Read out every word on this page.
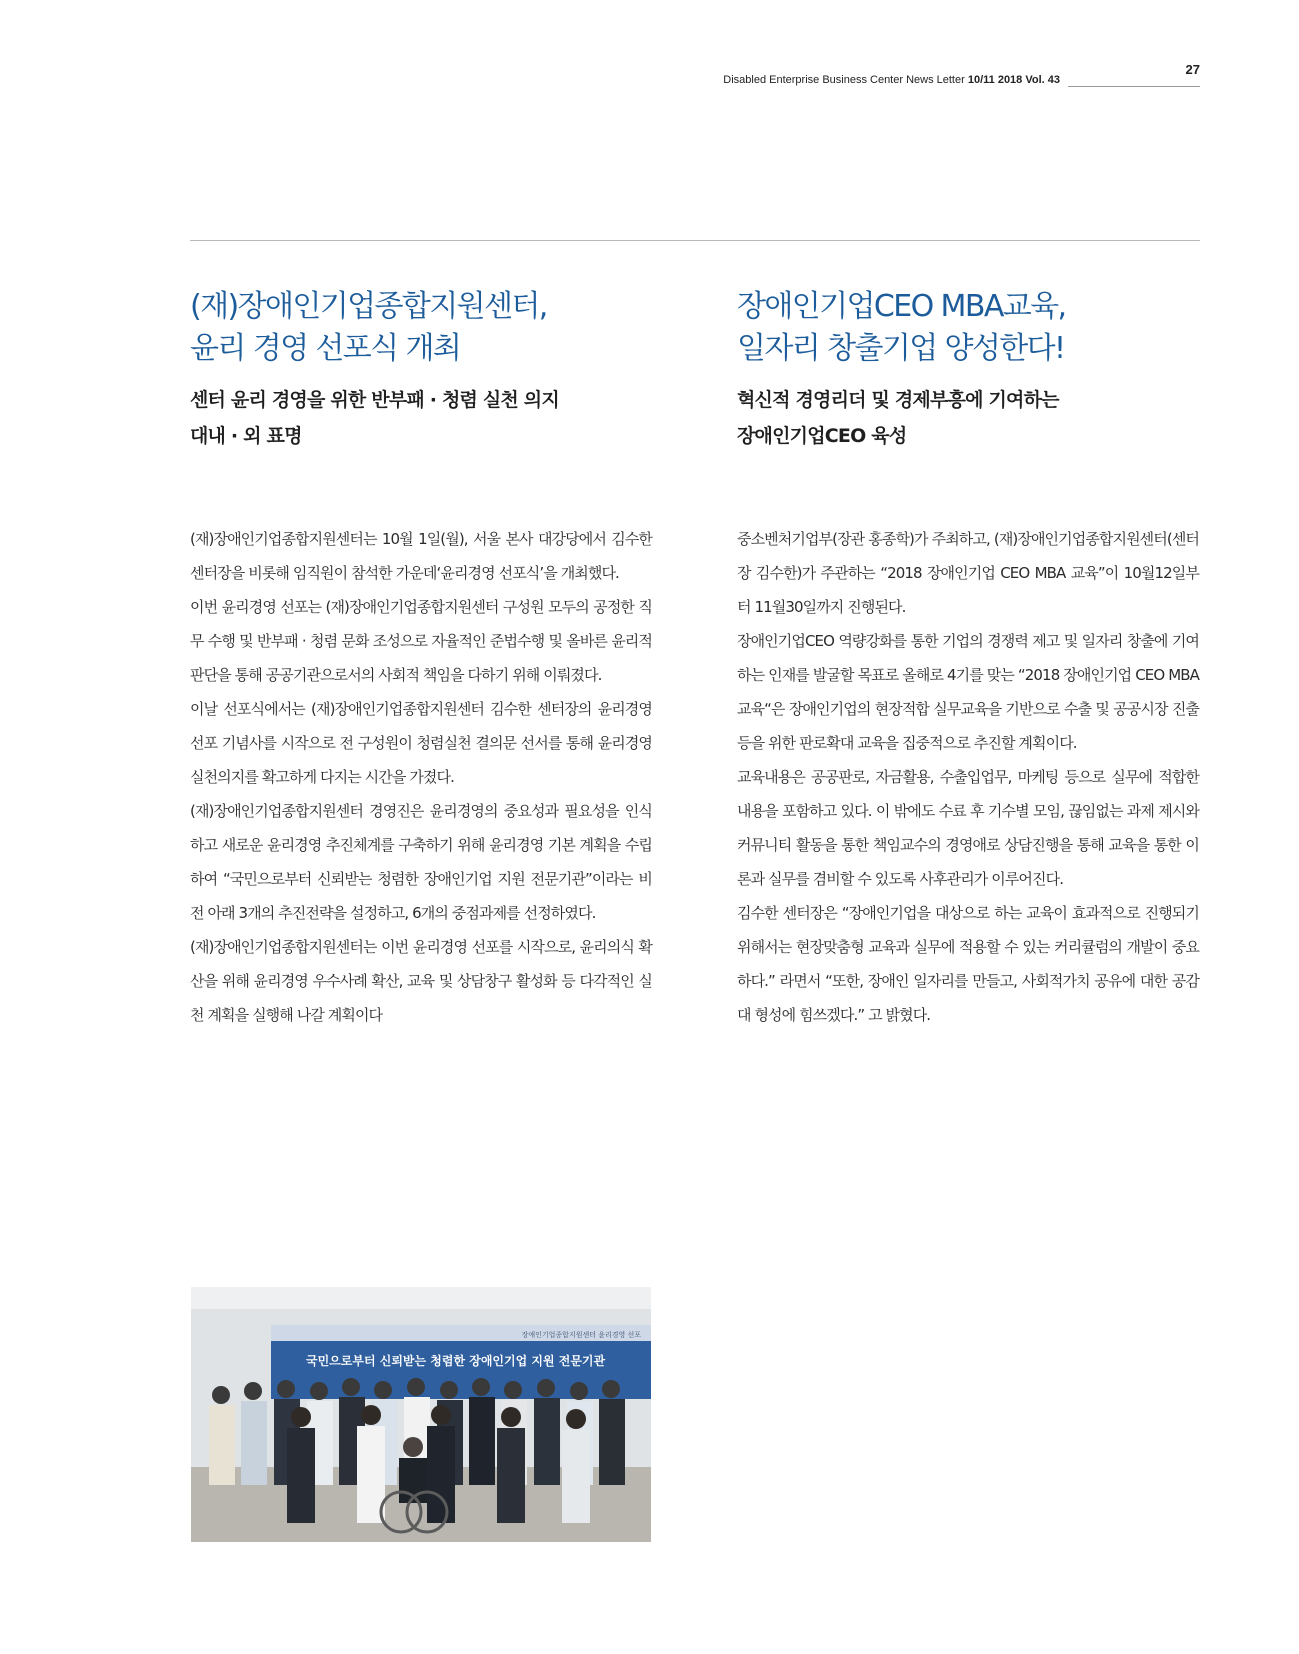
27
Disabled Enterprise Business Center News Letter 10/11 2018 Vol. 43
(재)장애인기업종합지원센터,
윤리 경영 선포식 개최
센터 윤리 경영을 위한 반부패 · 청렴 실천 의지
대내 · 외 표명
장애인기업CEO MBA교육,
일자리 창출기업 양성한다!
혁신적 경영리더 및 경제부흥에 기여하는
장애인기업CEO 육성

(재)장애인기업종합지원센터는 10월 1일(월), 서울 본사 대강당에서 김수한 센터장을 비롯해 임직원이 참석한 가운데‘윤리경영 선포식’을 개최했다.

이번 윤리경영 선포는 (재)장애인기업종합지원센터 구성원 모두의 공정한 직무 수행 및 반부패 · 청렴 문화 조성으로 자율적인 준법수행 및 올바른 윤리적 판단을 통해 공공기관으로서의 사회적 책임을 다하기 위해 이뤄졌다.

이날 선포식에서는 (재)장애인기업종합지원센터 김수한 센터장의 윤리경영 선포 기념사를 시작으로 전 구성원이 청렴실천 결의문 선서를 통해 윤리경영 실천의지를 확고하게 다지는 시간을 가졌다.

(재)장애인기업종합지원센터 경영진은 윤리경영의 중요성과 필요성을 인식하고 새로운 윤리경영 추진체계를 구축하기 위해 윤리경영 기본 계획을 수립하여 “국민으로부터 신뢰받는 청렴한 장애인기업 지원 전문기관”이라는 비전 아래 3개의 추진전략을 설정하고, 6개의 중점과제를 선정하였다.

(재)장애인기업종합지원센터는 이번 윤리경영 선포를 시작으로, 윤리의식 확산을 위해 윤리경영 우수사례 확산, 교육 및 상담창구 활성화 등 다각적인 실천 계획을 실행해 나갈 계획이다

중소벤처기업부(장관 홍종학)가 주최하고, (재)장애인기업종합지원센터(센터장 김수한)가 주관하는 “2018 장애인기업 CEO MBA 교육”이 10월12일부터 11월30일까지 진행된다.

장애인기업CEO 역량강화를 통한 기업의 경쟁력 제고 및 일자리 창출에 기여하는 인재를 발굴할 목표로 올해로 4기를 맞는 “2018 장애인기업 CEO MBA 교육“은 장애인기업의 현장적합 실무교육을 기반으로 수출 및 공공시장 진출 등을 위한 판로확대 교육을 집중적으로 추진할 계획이다.

교육내용은 공공판로, 자금활용, 수출입업무, 마케팅 등으로 실무에 적합한 내용을 포함하고 있다. 이 밖에도 수료 후 기수별 모임, 끊임없는 과제 제시와 커뮤니티 활동을 통한 책임교수의 경영애로 상담진행을 통해 교육을 통한 이론과 실무를 겸비할 수 있도록 사후관리가 이루어진다.

김수한 센터장은 “장애인기업을 대상으로 하는 교육이 효과적으로 진행되기 위해서는 현장맞춤형 교육과 실무에 적용할 수 있는 커리큘럼의 개발이 중요하다.” 라면서 “또한, 장애인 일자리를 만들고, 사회적가치 공유에 대한 공감대 형성에 힘쓰겠다.” 고 밝혔다.

장애인기업종합지원센터 윤리경영 선포
국민으로부터 신뢰받는 청렴한 장애인기업 지원 전문기관
